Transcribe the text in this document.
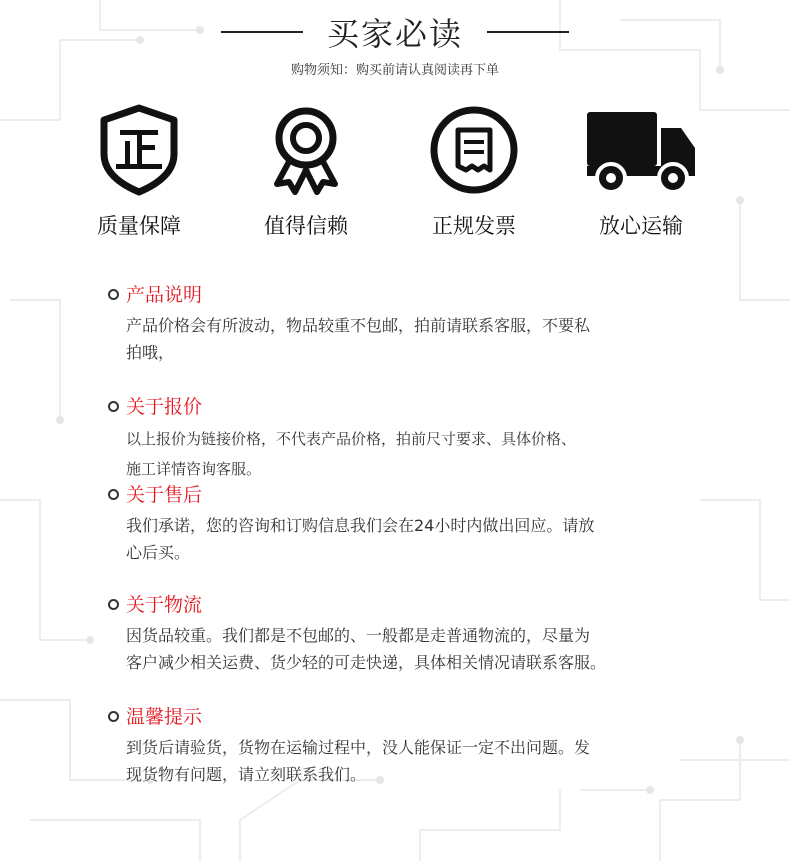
买家必读
购物须知：购买前请认真阅读再下单
质量保障	值得信赖	正规发票	放心运输
产品说明
产品价格会有所波动，物品较重不包邮，拍前请联系客服，不要私
拍哦，
关于报价
以上报价为链接价格，不代表产品价格，拍前尺寸要求、具体价格、
施工详情咨询客服。
关于售后
我们承诺，您的咨询和订购信息我们会在24小时内做出回应。请放
心后买。
关于物流
因货品较重。我们都是不包邮的、一般都是走普通物流的，尽量为
客户减少相关运费、货少轻的可走快递，具体相关情况请联系客服。
温馨提示
到货后请验货，货物在运输过程中，没人能保证一定不出问题。发
现货物有问题，请立刻联系我们。
